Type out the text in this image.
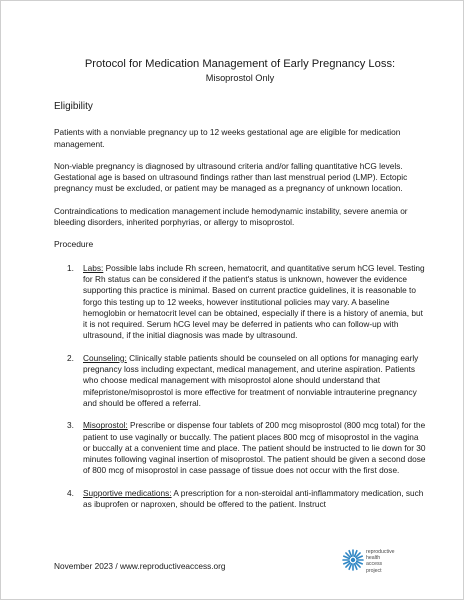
Protocol for Medication Management of Early Pregnancy Loss:
Misoprostol Only
Eligibility

Patients with a nonviable pregnancy up to 12 weeks gestational age are eligible for medication management.

Non-viable pregnancy is diagnosed by ultrasound criteria and/or falling quantitative hCG levels. Gestational age is based on ultrasound findings rather than last menstrual period (LMP). Ectopic pregnancy must be excluded, or patient may be managed as a pregnancy of unknown location.

Contraindications to medication management include hemodynamic instability, severe anemia or bleeding disorders, inherited porphyrias, or allergy to misoprostol.

Procedure
1. Labs: Possible labs include Rh screen, hematocrit, and quantitative serum hCG level. Testing for Rh status can be considered if the patient's status is unknown, however the evidence supporting this practice is minimal. Based on current practice guidelines, it is reasonable to forgo this testing up to 12 weeks, however institutional policies may vary. A baseline hemoglobin or hematocrit level can be obtained, especially if there is a history of anemia, but it is not required. Serum hCG level may be deferred in patients who can follow-up with ultrasound, if the initial diagnosis was made by ultrasound.
2. Counseling: Clinically stable patients should be counseled on all options for managing early pregnancy loss including expectant, medical management, and uterine aspiration. Patients who choose medical management with misoprostol alone should understand that mifepristone/misoprostol is more effective for treatment of nonviable intrauterine pregnancy and should be offered a referral.
3. Misoprostol: Prescribe or dispense four tablets of 200 mcg misoprostol (800 mcg total) for the patient to use vaginally or buccally. The patient places 800 mcg of misoprostol in the vagina or buccally at a convenient time and place. The patient should be instructed to lie down for 30 minutes following vaginal insertion of misoprostol. The patient should be given a second dose of 800 mcg of misoprostol in case passage of tissue does not occur with the first dose.
4. Supportive medications: A prescription for a non-steroidal anti-inflammatory medication, such as ibuprofen or naproxen, should be offered to the patient. Instruct
November 2023 / www.reproductiveaccess.org
reproductive
health
access
project
